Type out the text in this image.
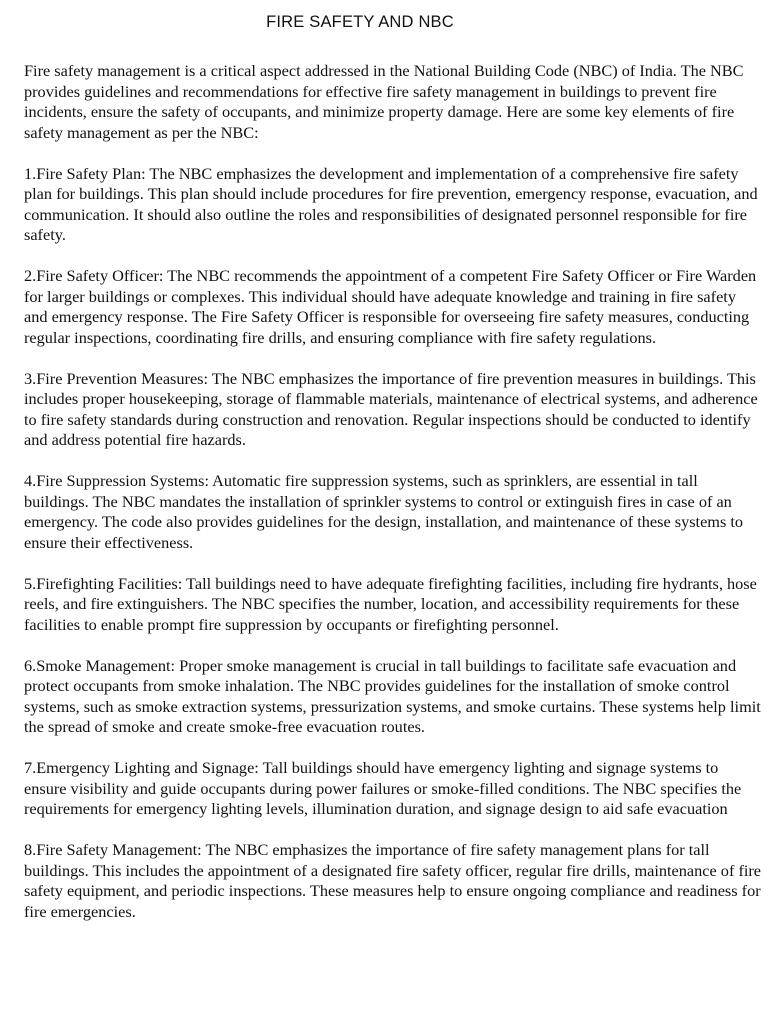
FIRE SAFETY AND NBC

Fire safety management is a critical aspect addressed in the National Building Code (NBC) of India. The NBC provides guidelines and recommendations for effective fire safety management in buildings to prevent fire incidents, ensure the safety of occupants, and minimize property damage. Here are some key elements of fire safety management as per the NBC:

1.Fire Safety Plan: The NBC emphasizes the development and implementation of a comprehensive fire safety plan for buildings. This plan should include procedures for fire prevention, emergency response, evacuation, and communication. It should also outline the roles and responsibilities of designated personnel responsible for fire safety.

2.Fire Safety Officer: The NBC recommends the appointment of a competent Fire Safety Officer or Fire Warden for larger buildings or complexes. This individual should have adequate knowledge and training in fire safety and emergency response. The Fire Safety Officer is responsible for overseeing fire safety measures, conducting regular inspections, coordinating fire drills, and ensuring compliance with fire safety regulations.

3.Fire Prevention Measures: The NBC emphasizes the importance of fire prevention measures in buildings. This includes proper housekeeping, storage of flammable materials, maintenance of electrical systems, and adherence to fire safety standards during construction and renovation. Regular inspections should be conducted to identify and address potential fire hazards.

4.Fire Suppression Systems: Automatic fire suppression systems, such as sprinklers, are essential in tall buildings. The NBC mandates the installation of sprinkler systems to control or extinguish fires in case of an emergency. The code also provides guidelines for the design, installation, and maintenance of these systems to ensure their effectiveness.

5.Firefighting Facilities: Tall buildings need to have adequate firefighting facilities, including fire hydrants, hose reels, and fire extinguishers. The NBC specifies the number, location, and accessibility requirements for these facilities to enable prompt fire suppression by occupants or firefighting personnel.

6.Smoke Management: Proper smoke management is crucial in tall buildings to facilitate safe evacuation and protect occupants from smoke inhalation. The NBC provides guidelines for the installation of smoke control systems, such as smoke extraction systems, pressurization systems, and smoke curtains. These systems help limit the spread of smoke and create smoke-free evacuation routes.

7.Emergency Lighting and Signage: Tall buildings should have emergency lighting and signage systems to ensure visibility and guide occupants during power failures or smoke-filled conditions. The NBC specifies the requirements for emergency lighting levels, illumination duration, and signage design to aid safe evacuation

8.Fire Safety Management: The NBC emphasizes the importance of fire safety management plans for tall buildings. This includes the appointment of a designated fire safety officer, regular fire drills, maintenance of fire safety equipment, and periodic inspections. These measures help to ensure ongoing compliance and readiness for fire emergencies.
